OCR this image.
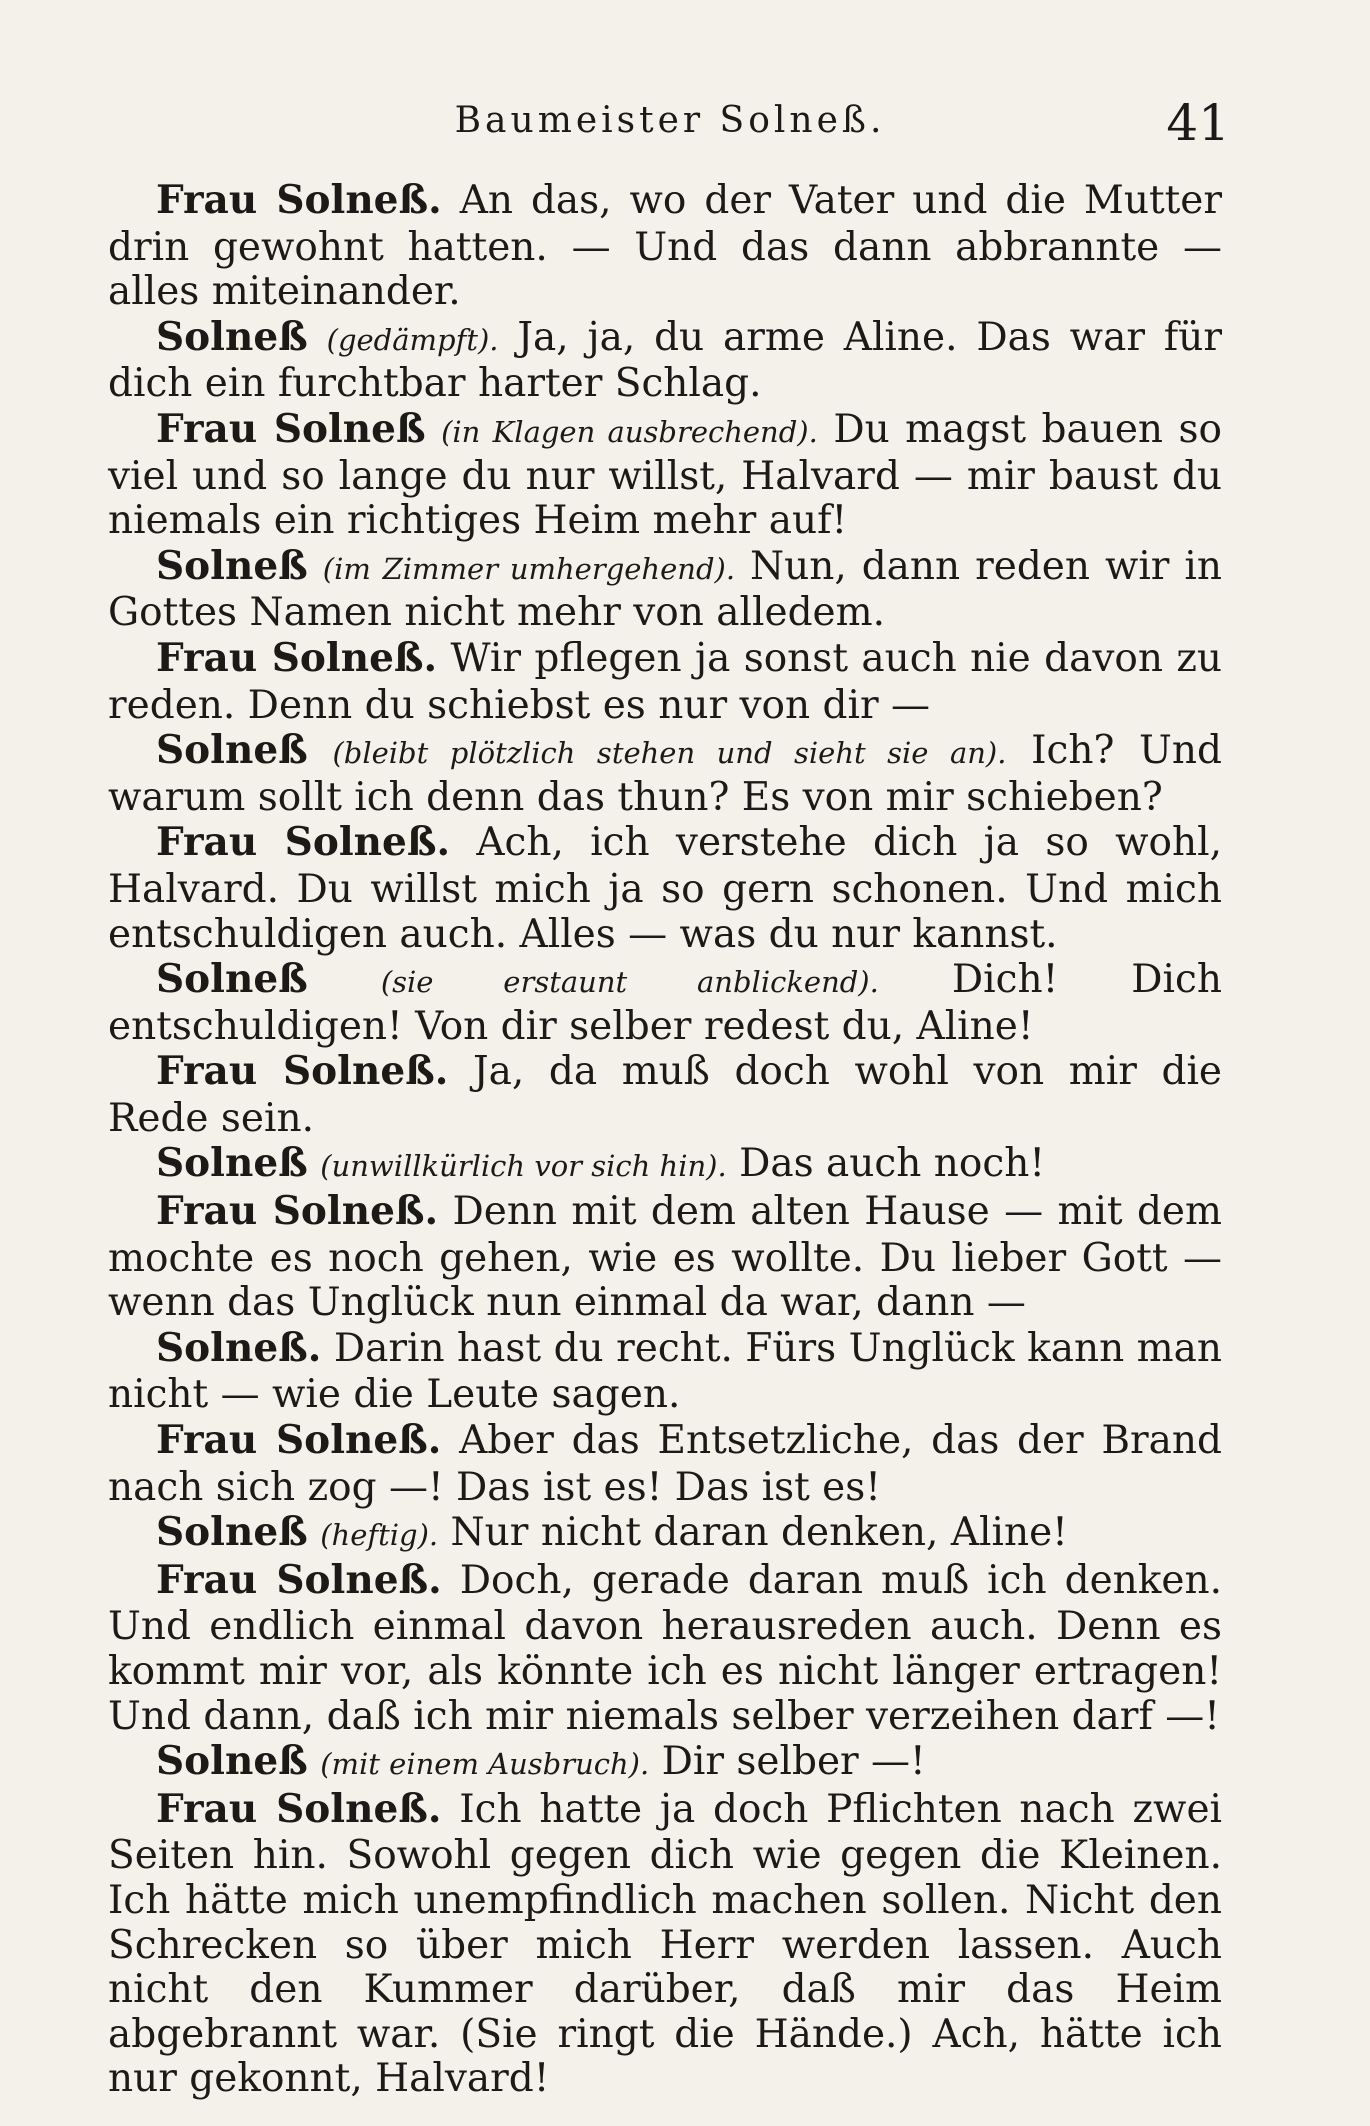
Baumeister Solneß.	41

Frau Solneß. An das, wo der Vater und die Mutter drin gewohnt hatten. — Und das dann abbrannte — alles miteinander.

Solneß (gedämpft). Ja, ja, du arme Aline. Das war für dich ein furchtbar harter Schlag.

Frau Solneß (in Klagen ausbrechend). Du magst bauen so viel und so lange du nur willst, Halvard — mir baust du niemals ein richtiges Heim mehr auf!

Solneß (im Zimmer umhergehend). Nun, dann reden wir in Gottes Namen nicht mehr von alledem.

Frau Solneß. Wir pflegen ja sonst auch nie davon zu reden. Denn du schiebst es nur von dir —

Solneß (bleibt plötzlich stehen und sieht sie an). Ich? Und warum sollt ich denn das thun? Es von mir schieben?

Frau Solneß. Ach, ich verstehe dich ja so wohl, Halvard. Du willst mich ja so gern schonen. Und mich entschuldigen auch. Alles — was du nur kannst.

Solneß	(sie erstaunt anblickend). Dich! Dich entschuldigen! Von dir selber redest du, Aline!

Frau Solneß. Ja, da muß doch wohl von mir die Rede sein.

Solneß (unwillkürlich vor sich hin). Das auch noch!

Frau Solneß. Denn mit dem alten Hause — mit dem mochte es noch gehen, wie es wollte. Du lieber Gott — wenn das Unglück nun einmal da war, dann —

Solneß. Darin hast du recht. Fürs Unglück kann man nicht — wie die Leute sagen.

Frau Solneß. Aber das Entsetzliche, das der Brand nach sich zog —! Das ist es! Das ist es!

Solneß (heftig). Nur nicht daran denken, Aline!

Frau Solneß. Doch, gerade daran muß ich denken. Und endlich einmal davon herausreden auch. Denn es kommt mir vor, als könnte ich es nicht länger ertragen! Und dann, daß ich mir niemals selber verzeihen darf —!

Solneß (mit einem Ausbruch). Dir selber —!

Frau Solneß. Ich hatte ja doch Pflichten nach zwei Seiten hin. Sowohl gegen dich wie gegen die Kleinen. Ich hätte mich unempfindlich machen sollen. Nicht den Schrecken so über mich Herr werden lassen. Auch nicht den Kummer darüber, daß mir das Heim abgebrannt war. (Sie ringt die Hände.) Ach, hätte ich nur gekonnt, Halvard!
